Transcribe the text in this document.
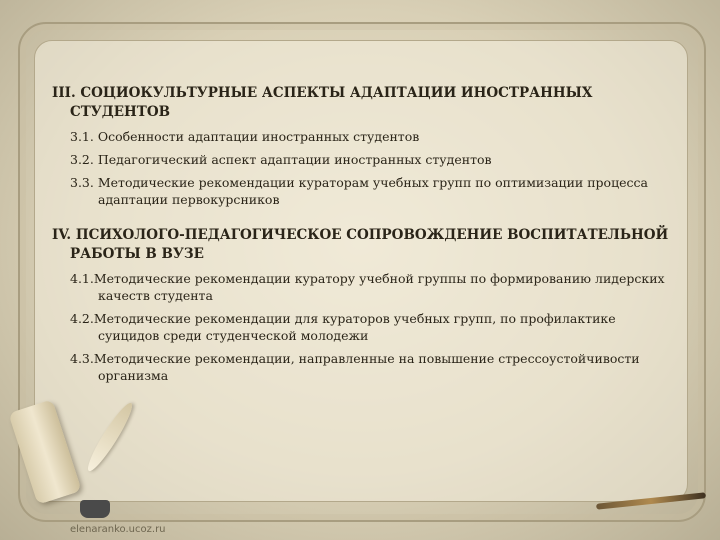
III. СОЦИОКУЛЬТУРНЫЕ АСПЕКТЫ АДАПТАЦИИ ИНОСТРАННЫХ СТУДЕНТОВ
3.1. Особенности адаптации иностранных студентов
3.2. Педагогический аспект адаптации иностранных студентов
3.3. Методические рекомендации кураторам учебных групп по оптимизации процесса адаптации первокурсников
IV. ПСИХОЛОГО-ПЕДАГОГИЧЕСКОЕ СОПРОВОЖДЕНИЕ ВОСПИТАТЕЛЬНОЙ РАБОТЫ В ВУЗЕ
4.1.Методические рекомендации куратору учебной группы по формированию лидерских качеств студента
4.2.Методические рекомендации для кураторов учебных групп, по профилактике суицидов среди студенческой молодежи
4.3.Методические рекомендации, направленные на повышение стрессоустойчивости организма
elenaranko.ucoz.ru
